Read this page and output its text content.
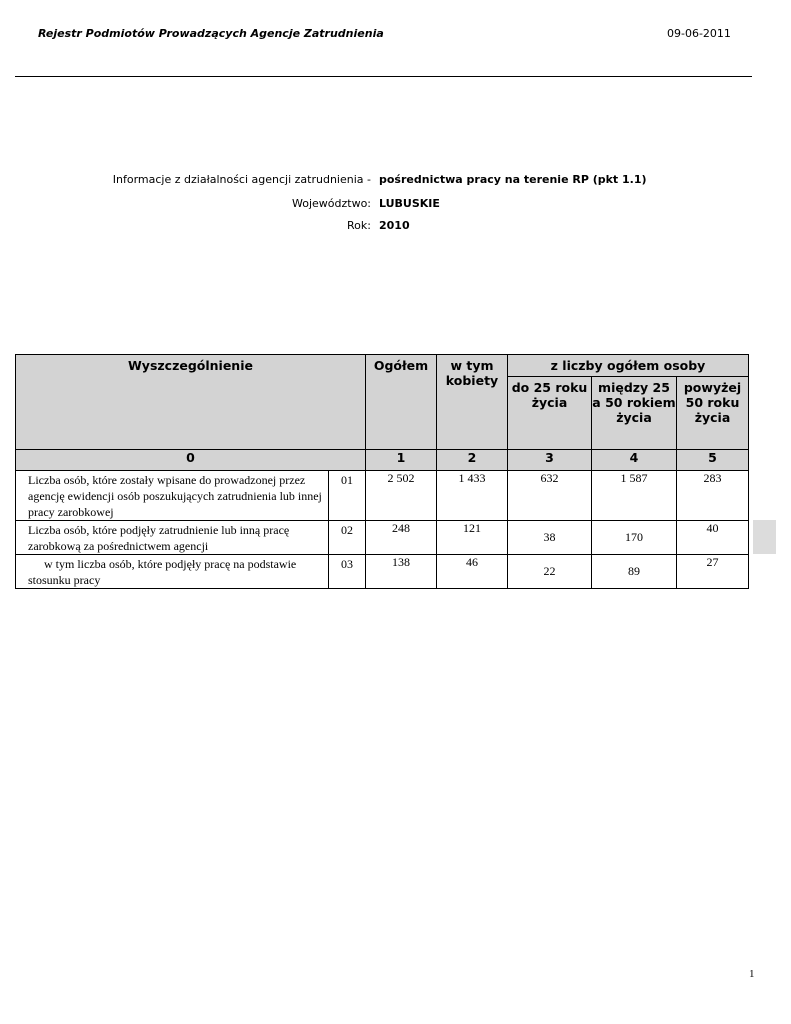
Rejestr Podmiotów Prowadzących Agencje Zatrudnienia	09-06-2011
Informacje z działalności agencji zatrudnienia - pośrednictwa pracy na terenie RP (pkt 1.1)
Województwo: LUBUSKIE
Rok: 2010
Wyszczególnienie		Ogółem	w tym kobiety	z liczby ogółem osoby		
				do 25 roku życia	między 25 a 50 rokiem życia	powyżej 50 roku życia
0		1	2	3	4	5
Liczba osób, które zostały wpisane do prowadzonej przez agencję ewidencji osób poszukujących zatrudnienia lub innej pracy zarobkowej	01	2 502	1 433	632	1 587	283
Liczba osób, które podjęły zatrudnienie lub inną pracę zarobkową za pośrednictwem agencji	02	248	121	38	170	40
w tym liczba osób, które podjęły pracę na podstawie stosunku pracy	03	138	46	22	89	27
1
